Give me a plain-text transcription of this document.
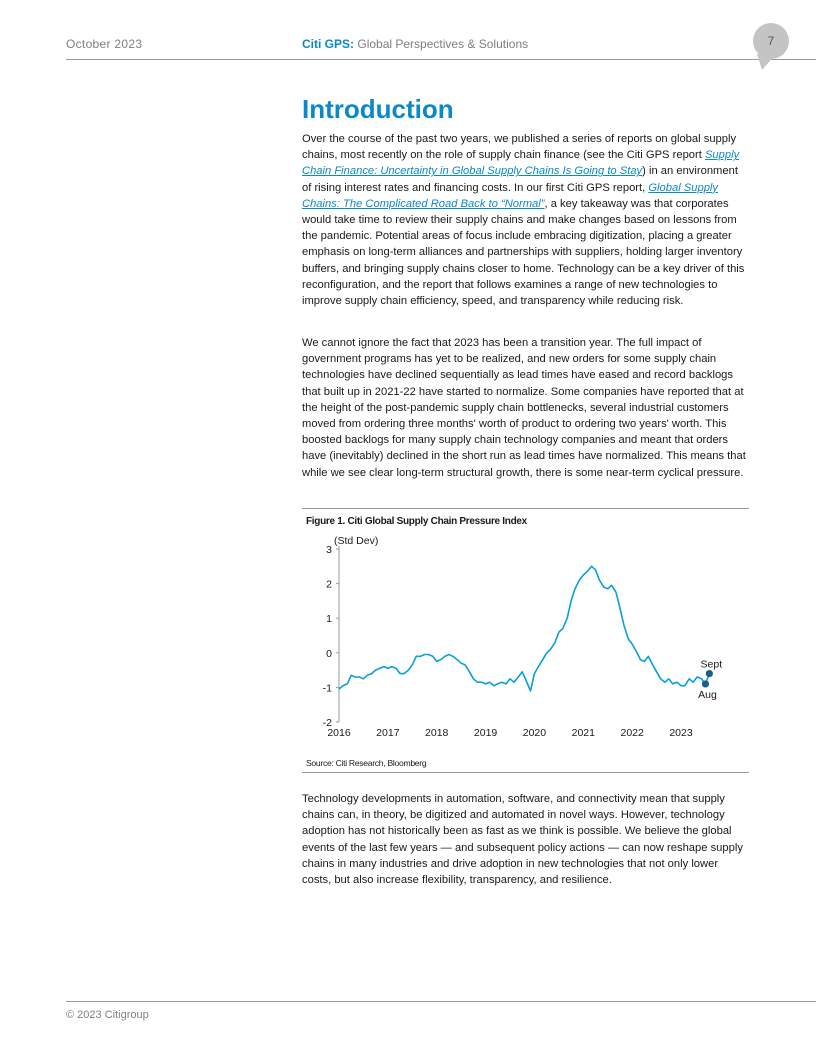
October 2023	Citi GPS: Global Perspectives & Solutions	7
Introduction

Over the course of the past two years, we published a series of reports on global supply chains, most recently on the role of supply chain finance (see the Citi GPS report Supply Chain Finance: Uncertainty in Global Supply Chains Is Going to Stay) in an environment of rising interest rates and financing costs. In our first Citi GPS report, Global Supply Chains: The Complicated Road Back to “Normal”, a key takeaway was that corporates would take time to review their supply chains and make changes based on lessons from the pandemic. Potential areas of focus include embracing digitization, placing a greater emphasis on long-term alliances and partnerships with suppliers, holding larger inventory buffers, and bringing supply chains closer to home. Technology can be a key driver of this reconfiguration, and the report that follows examines a range of new technologies to improve supply chain efficiency, speed, and transparency while reducing risk.

We cannot ignore the fact that 2023 has been a transition year. The full impact of government programs has yet to be realized, and new orders for some supply chain technologies have declined sequentially as lead times have eased and record backlogs that built up in 2021-22 have started to normalize. Some companies have reported that at the height of the post-pandemic supply chain bottlenecks, several industrial customers moved from ordering three months' worth of product to ordering two years' worth. This boosted backlogs for many supply chain technology companies and meant that orders have (inevitably) declined in the short run as lead times have normalized. This means that while we see clear long-term structural growth, there is some near-term cyclical pressure.

Figure 1. Citi Global Supply Chain Pressure Index
(Std Dev)
-2
-1
0
1
2
3
2016 2017 2018 2019 2020 2021 2022 2023
Sept
Aug
Source: Citi Research, Bloomberg

Technology developments in automation, software, and connectivity mean that supply chains can, in theory, be digitized and automated in novel ways. However, technology adoption has not historically been as fast as we think is possible. We believe the global events of the last few years — and subsequent policy actions — can now reshape supply chains in many industries and drive adoption in new technologies that not only lower costs, but also increase flexibility, transparency, and resilience.

© 2023 Citigroup
